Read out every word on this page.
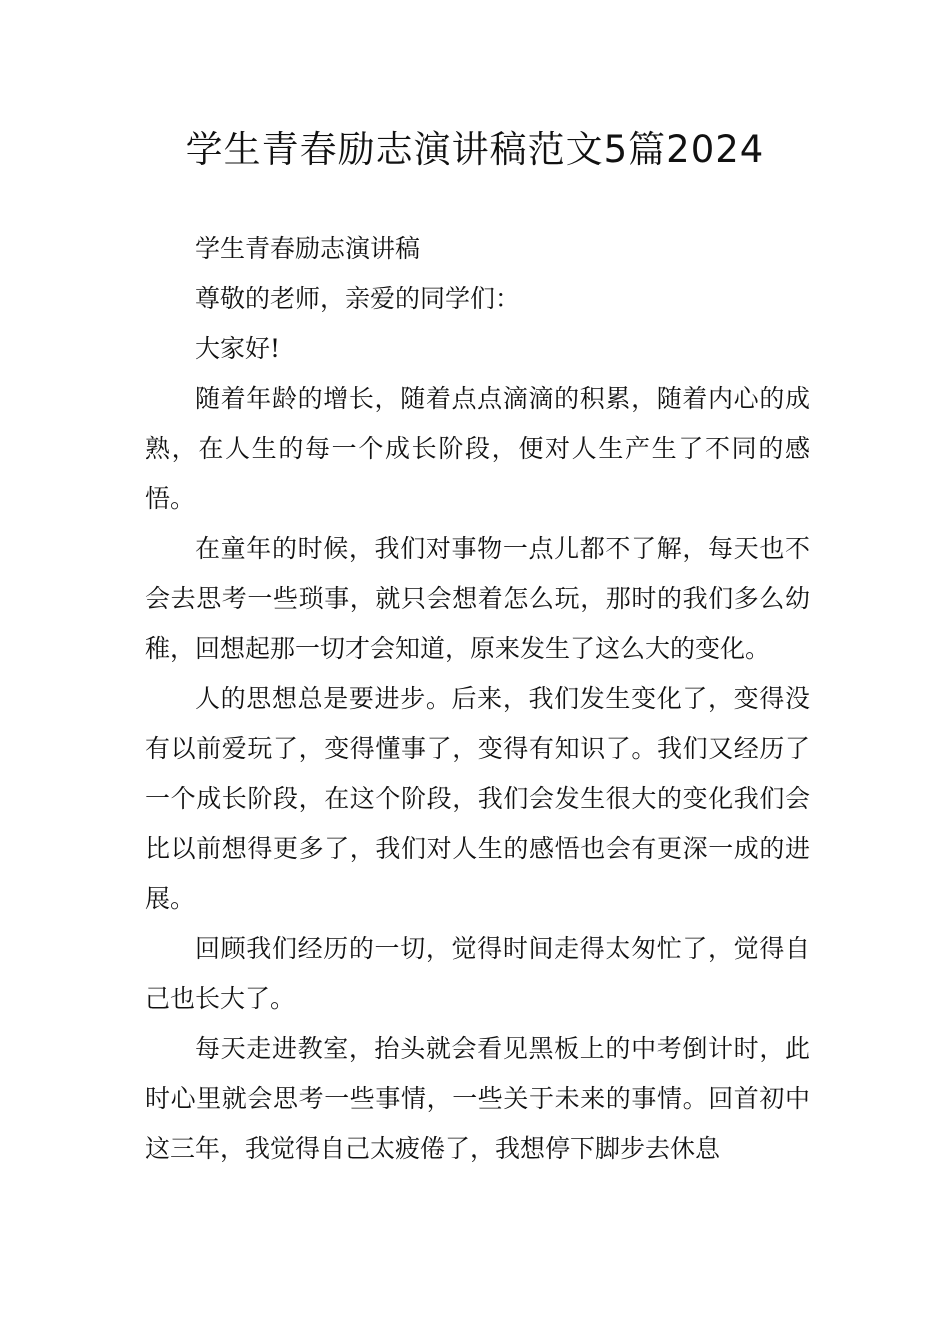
学生青春励志演讲稿范文5篇2024

学生青春励志演讲稿

尊敬的老师，亲爱的同学们：

大家好!

随着年龄的增长，随着点点滴滴的积累，随着内心的成熟，在人生的每一个成长阶段，便对人生产生了不同的感悟。

在童年的时候，我们对事物一点儿都不了解，每天也不会去思考一些琐事，就只会想着怎么玩，那时的我们多么幼稚，回想起那一切才会知道，原来发生了这么大的变化。

人的思想总是要进步。后来，我们发生变化了，变得没有以前爱玩了，变得懂事了，变得有知识了。我们又经历了一个成长阶段，在这个阶段，我们会发生很大的变化我们会比以前想得更多了，我们对人生的感悟也会有更深一成的进展。

回顾我们经历的一切，觉得时间走得太匆忙了，觉得自己也长大了。

每天走进教室，抬头就会看见黑板上的中考倒计时，此时心里就会思考一些事情，一些关于未来的事情。回首初中这三年，我觉得自己太疲倦了，我想停下脚步去休息
